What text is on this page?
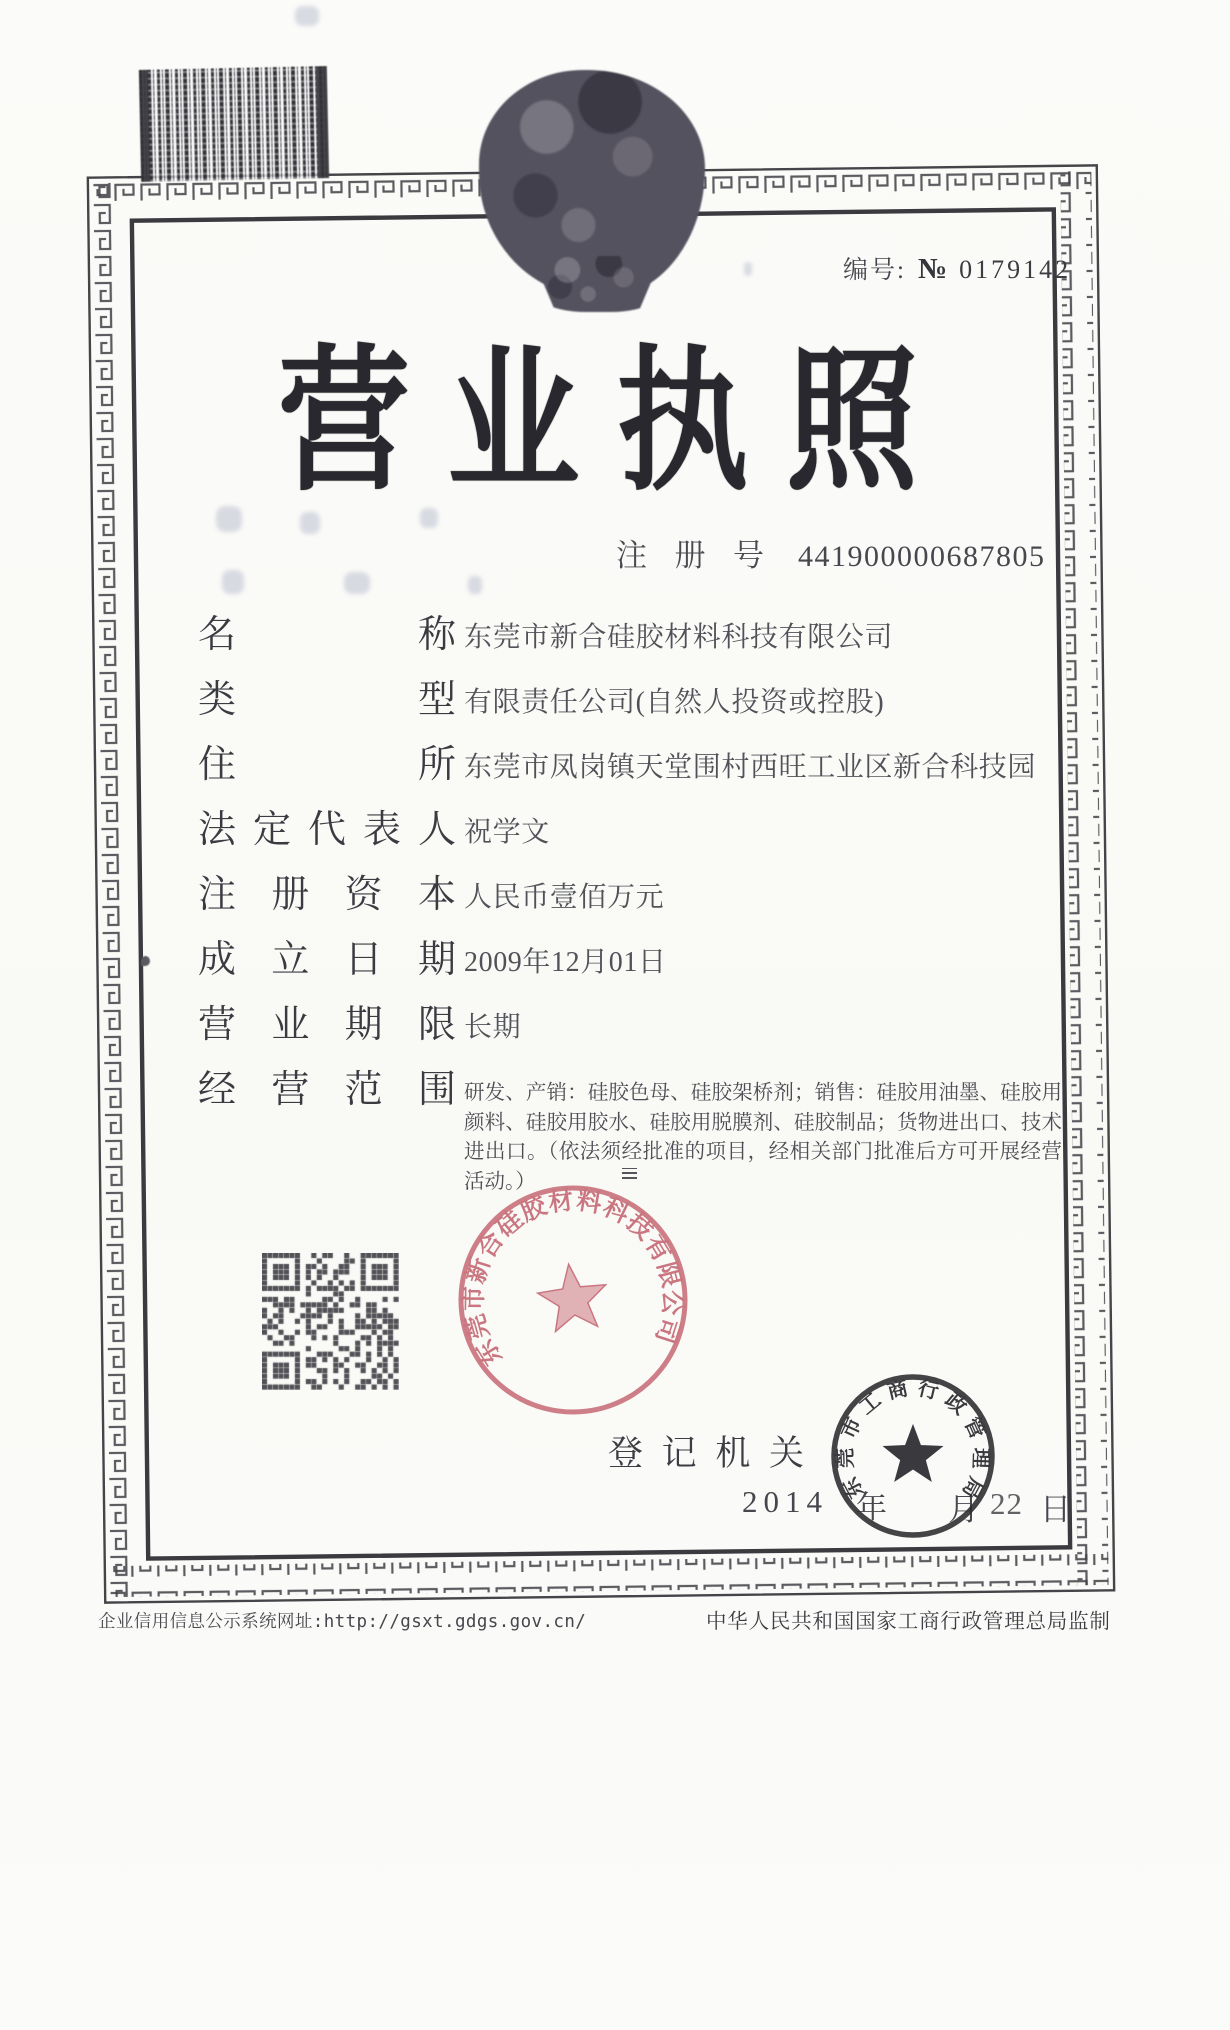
编号: № 0179142
营 业 执 照
注 册 号 441900000687805
名	称 东莞市新合硅胶材料科技有限公司
类	型 有限责任公司(自然人投资或控股)
住	所 东莞市凤岗镇天堂围村西旺工业区新合科技园
法 定 代 表 人 祝学文
注 册 资 本 人民币壹佰万元
成 立 日 期 2009年12月01日
营 业 期 限 长期
经 营 范 围 研发、产销：硅胶色母、硅胶架桥剂；销售：硅胶用油墨、硅胶用颜料、硅胶用胶水、硅胶用脱膜剂、硅胶制品；货物进出口、技术进出口。（依法须经批准的项目，经相关部门批准后方可开展经营活动。）
东
莞
市
新
合
硅
胶
材 料
科
技
有
限
公
司
登 记 机 关
2014 年 月 22 日
东
莞
市
工 商 行 政
管
理
局
企业信用信息公示系统网址:http://gsxt.gdgs.gov.cn/	中华人民共和国国家工商行政管理总局监制
